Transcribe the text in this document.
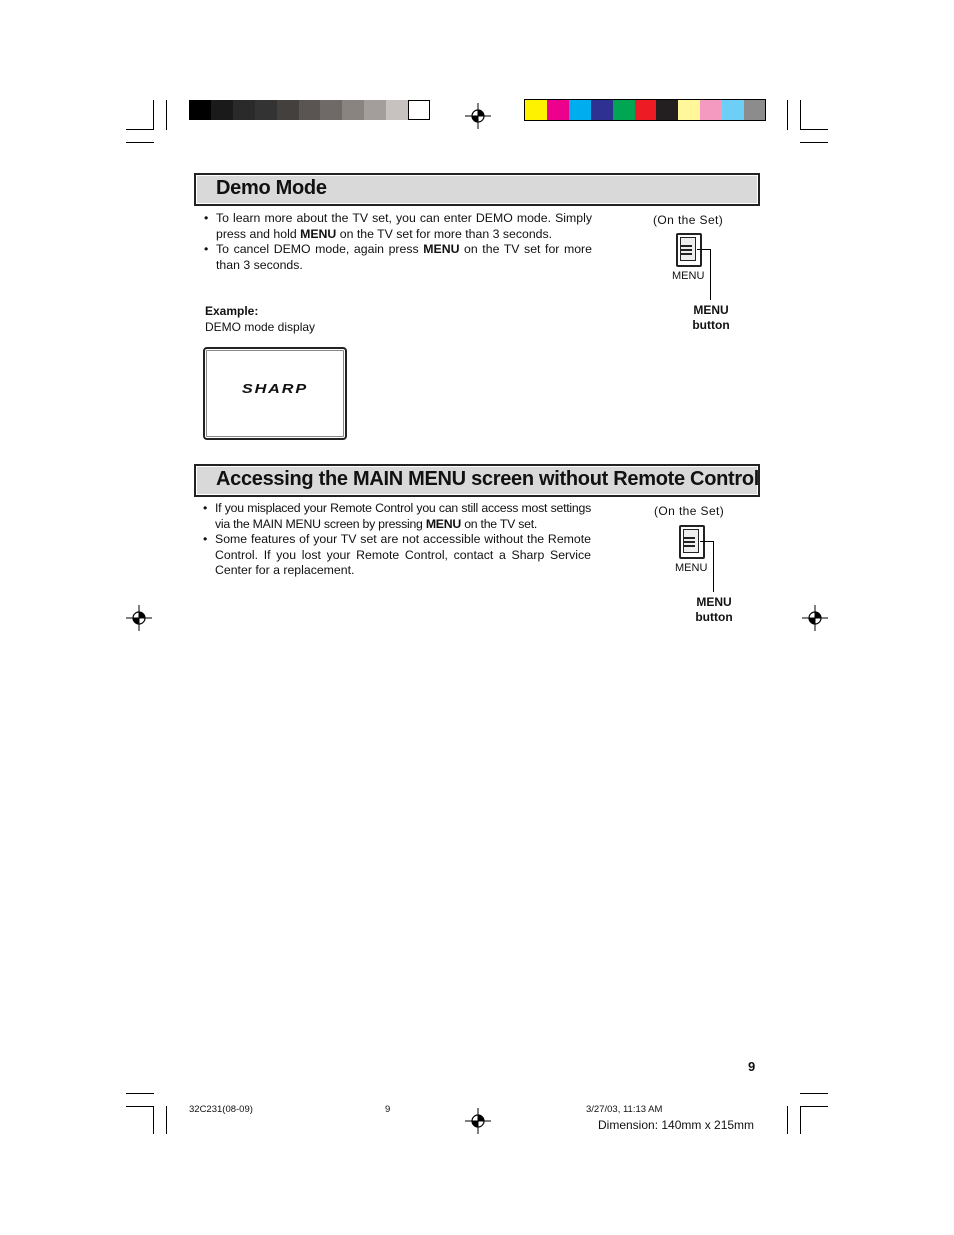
Demo Mode
• To learn more about the TV set, you can enter DEMO mode. Simply press and hold MENU on the TV set for more than 3 seconds.
• To cancel DEMO mode, again press MENU on the TV set for more than 3 seconds.
Example:
DEMO mode display
SHARP
(On the Set)
MENU
MENU
button
Accessing the MAIN MENU screen without Remote Control
• If you misplaced your Remote Control you can still access most settings via the MAIN MENU screen by pressing MENU on the TV set.
• Some features of your TV set are not accessible without the Remote Control. If you lost your Remote Control, contact a Sharp Service Center for a replacement.
(On the Set)
MENU
MENU
button
9
32C231(08-09)	9	3/27/03, 11:13 AM
Dimension: 140mm x 215mm
